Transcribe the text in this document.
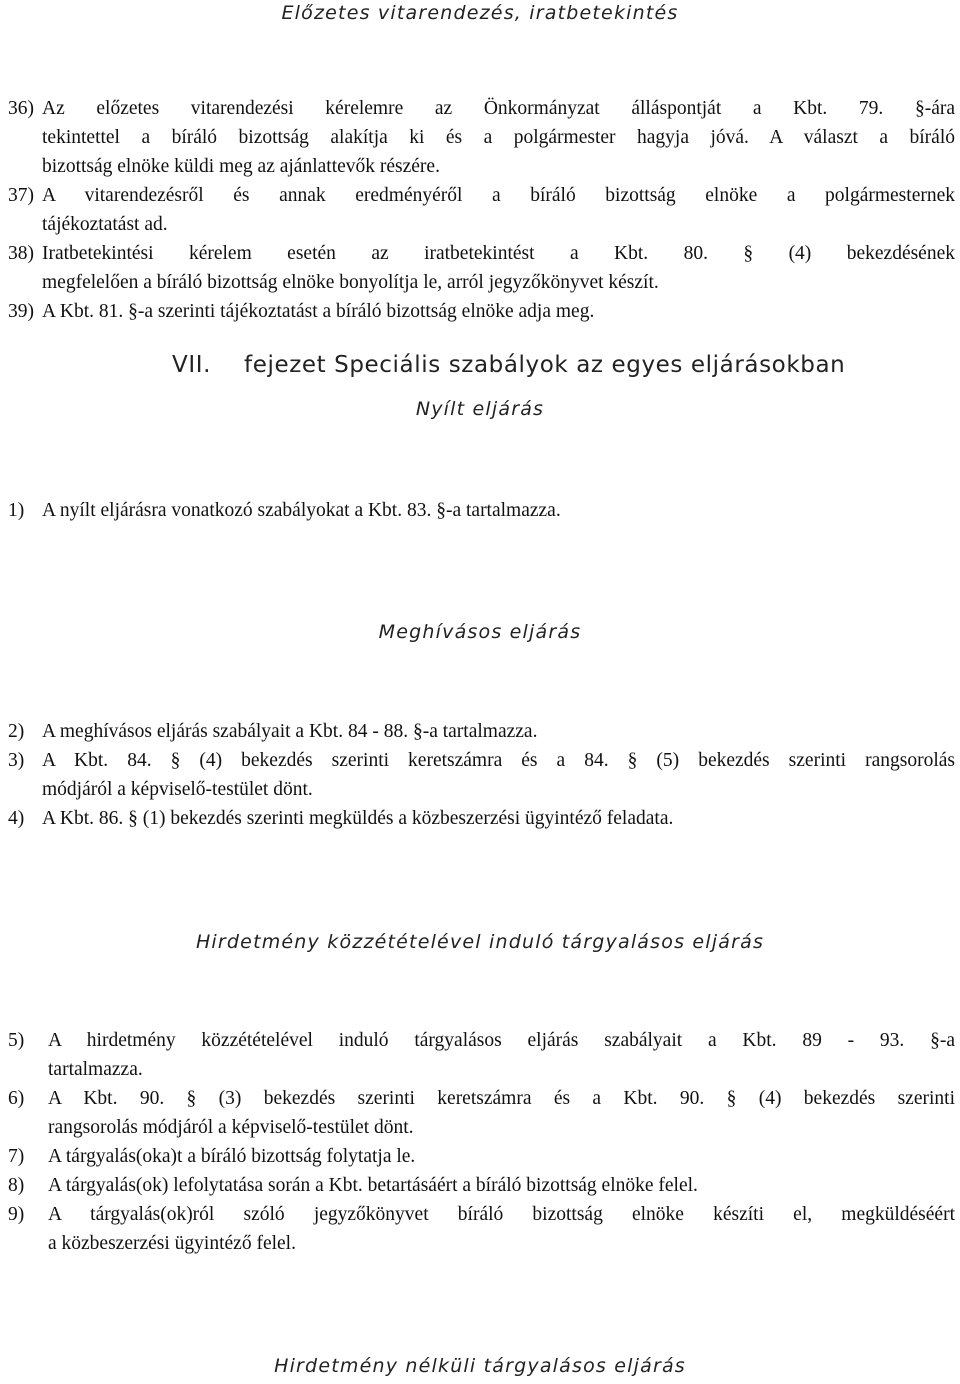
Előzetes vitarendezés, iratbetekintés
36) Az előzetes vitarendezési kérelemre az Önkormányzat álláspontját a Kbt. 79. §-ára
tekintettel a bíráló bizottság alakítja ki és a polgármester hagyja jóvá. A választ a bíráló
bizottság elnöke küldi meg az ajánlattevők részére.
37) A vitarendezésről és annak eredményéről a bíráló bizottság elnöke a polgármesternek
tájékoztatást ad.
38) Iratbetekintési kérelem esetén az iratbetekintést a Kbt. 80. § (4) bekezdésének
megfelelően a bíráló bizottság elnöke bonyolítja le, arról jegyzőkönyvet készít.
39) A Kbt. 81. §-a szerinti tájékoztatást a bíráló bizottság elnöke adja meg.
VII. fejezet Speciális szabályok az egyes eljárásokban
Nyílt eljárás
1) A nyílt eljárásra vonatkozó szabályokat a Kbt. 83. §-a tartalmazza.
Meghívásos eljárás
2) A meghívásos eljárás szabályait a Kbt. 84 - 88. §-a tartalmazza.
3) A Kbt. 84. § (4) bekezdés szerinti keretszámra és a 84. § (5) bekezdés szerinti rangsorolás
módjáról a képviselő-testület dönt.
4) A Kbt. 86. § (1) bekezdés szerinti megküldés a közbeszerzési ügyintéző feladata.
Hirdetmény közzétételével induló tárgyalásos eljárás
5) A hirdetmény közzétételével induló tárgyalásos eljárás szabályait a Kbt. 89 - 93. §-a
tartalmazza.
6) A Kbt. 90. § (3) bekezdés szerinti keretszámra és a Kbt. 90. § (4) bekezdés szerinti
rangsorolás módjáról a képviselő-testület dönt.
7) A tárgyalás(oka)t a bíráló bizottság folytatja le.
8) A tárgyalás(ok) lefolytatása során a Kbt. betartásáért a bíráló bizottság elnöke felel.
9) A tárgyalás(ok)ról szóló jegyzőkönyvet bíráló bizottság elnöke készíti el, megküldéséért
a közbeszerzési ügyintéző felel.
Hirdetmény nélküli tárgyalásos eljárás
